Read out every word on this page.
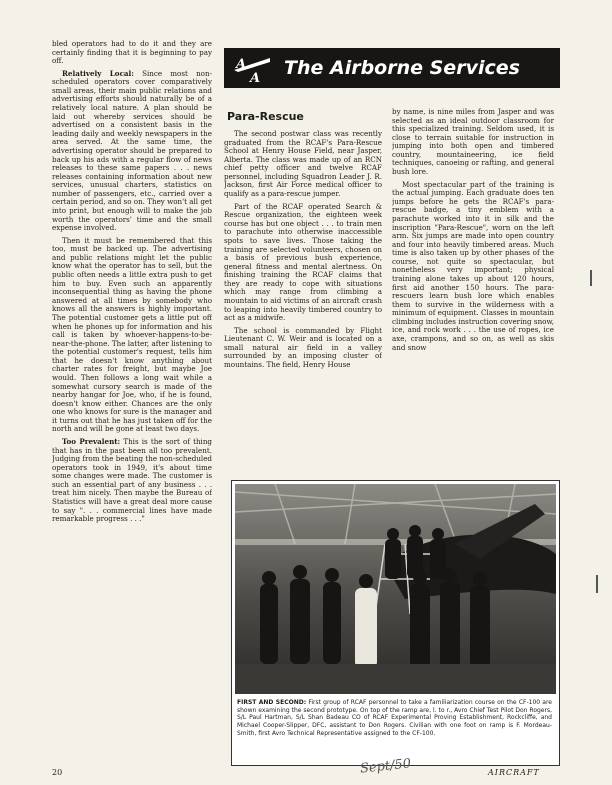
bled operators had to do it and they are certainly finding that it is beginning to pay off.

Relatively Local: Since most non-scheduled operators cover comparatively small areas, their main public relations and advertising efforts should naturally be of a relatively local nature. A plan should be laid out whereby services should be advertised on a consistent basis in the leading daily and weekly newspapers in the area served. At the same time, the advertising operator should be prepared to back up his ads with a regular flow of news releases to these same papers . . . news releases containing information about new services, unusual charters, statistics on number of passengers, etc., carried over a certain period, and so on. They won't all get into print, but enough will to make the job worth the operators' time and the small expense involved.

Then it must be remembered that this too, must be backed up. The advertising and public relations might let the public know what the operator has to sell, but the public often needs a little extra push to get him to buy. Even such an apparently inconsequential thing as having the phone answered at all times by somebody who knows all the answers is highly important. The potential customer gets a little put off when he phones up for information and his call is taken by whoever-happens-to-be-near-the-phone. The latter, after listening to the potential customer's request, tells him that he doesn't know anything about charter rates for freight, but maybe Joe would. Then follows a long wait while a somewhat cursory search is made of the nearby hangar for Joe, who, if he is found, doesn't know either. Chances are the only one who knows for sure is the manager and it turns out that he has just taken off for the north and will be gone at least two days.

Too Prevalent: This is the sort of thing that has in the past been all too prevalent. Judging from the beating the non-scheduled operators took in 1949, it's about time some changes were made. The customer is such an essential part of any business . . . treat him nicely. Then maybe the Bureau of Statistics will have a great deal more cause to say ". . . commercial lines have made remarkable progress . . ."

A
A The Airborne Services
Para-Rescue

The second postwar class was recently graduated from the RCAF's Para-Rescue School at Henry House Field, near Jasper, Alberta. The class was made up of an RCN chief petty officer and twelve RCAF personnel, including Squadron Leader J. R. Jackson, first Air Force medical officer to qualify as a para-rescue jumper.

Part of the RCAF operated Search & Rescue organization, the eighteen week course has but one object . . . to train men to parachute into otherwise inaccessible spots to save lives. Those taking the training are selected volunteers, chosen on a basis of previous bush experience, general fitness and mental alertness. On finishing training the RCAF claims that they are ready to cope with situations which may range from climbing a mountain to aid victims of an aircraft crash to leaping into heavily timbered country to act as a midwife.

The school is commanded by Flight Lieutenant C. W. Weir and is located on a small natural air field in a valley surrounded by an imposing cluster of mountains. The field, Henry House

by name, is nine miles from Jasper and was selected as an ideal outdoor classroom for this specialized training. Seldom used, it is close to terrain suitable for instruction in jumping into both open and timbered country, mountaineering, ice field techniques, canoeing or rafting, and general bush lore.

Most spectacular part of the training is the actual jumping. Each graduate does ten jumps before he gets the RCAF's para-rescue badge, a tiny emblem with a parachute worked into it in silk and the inscription "Para-Rescue", worn on the left arm. Six jumps are made into open country and four into heavily timbered areas. Much time is also taken up by other phases of the course, not quite so spectacular, but nonetheless very important; physical training alone takes up about 120 hours, first aid another 150 hours. The para-rescuers learn bush lore which enables them to survive in the wilderness with a minimum of equipment. Classes in mountain climbing includes instruction covering snow, ice, and rock work . . . the use of ropes, ice axe, crampons, and so on, as well as skis and snow

FIRST AND SECOND: First group of RCAF personnel to take a familiarization course on the CF-100 are shown examining the second prototype. On top of the ramp are, l. to r., Avro Chief Test Pilot Don Rogers, S/L Paul Hartman, S/L Shan Badeau CO of RCAF Experimental Proving Establishment, Rockcliffe, and Michael Cooper-Slipper, DFC, assistant to Don Rogers. Civilian with one foot on ramp is F. Mordeau-Smith, first Avro Technical Representative assigned to the CF-100.
20	Sept/50	AIRCRAFT
